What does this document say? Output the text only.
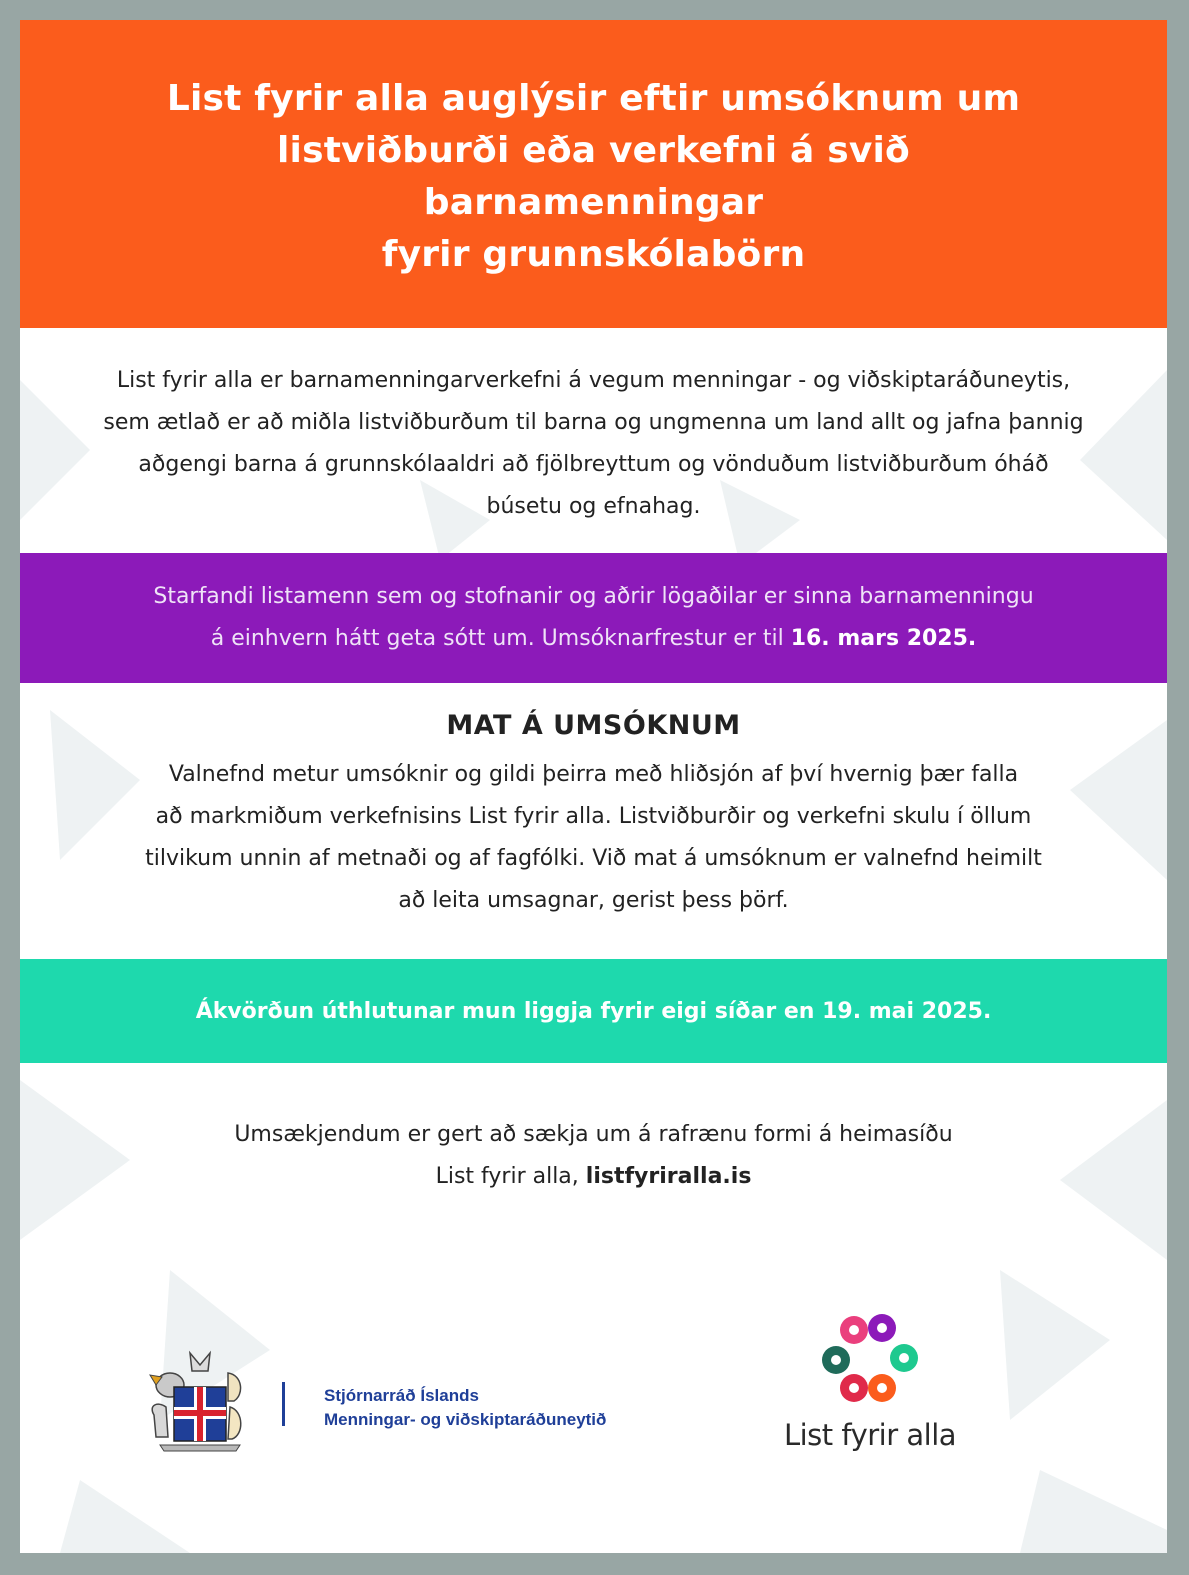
List fyrir alla auglýsir eftir umsóknum um
listviðburði eða verkefni á svið barnamenningar
fyrir grunnskólabörn
List fyrir alla er barnamenningarverkefni á vegum menningar - og viðskiptaráðuneytis,
sem ætlað er að miðla listviðburðum til barna og ungmenna um land allt og jafna þannig
aðgengi barna á grunnskólaaldri að fjölbreyttum og vönduðum listviðburðum óháð
búsetu og efnahag.
Starfandi listamenn sem og stofnanir og aðrir lögaðilar er sinna barnamenningu
á einhvern hátt geta sótt um. Umsóknarfrestur er til 16. mars 2025.
MAT Á UMSÓKNUM
Valnefnd metur umsóknir og gildi þeirra með hliðsjón af því hvernig þær falla
að markmiðum verkefnisins List fyrir alla. Listviðburðir og verkefni skulu í öllum
tilvikum unnin af metnaði og af fagfólki. Við mat á umsóknum er valnefnd heimilt
að leita umsagnar, gerist þess þörf.
Ákvörðun úthlutunar mun liggja fyrir eigi síðar en 19. mai 2025.
Umsækjendum er gert að sækja um á rafrænu formi á heimasíðu
List fyrir alla, listfyriralla.is
Stjórnarráð Íslands
Menningar- og viðskiptaráðuneytið	List fyrir alla
